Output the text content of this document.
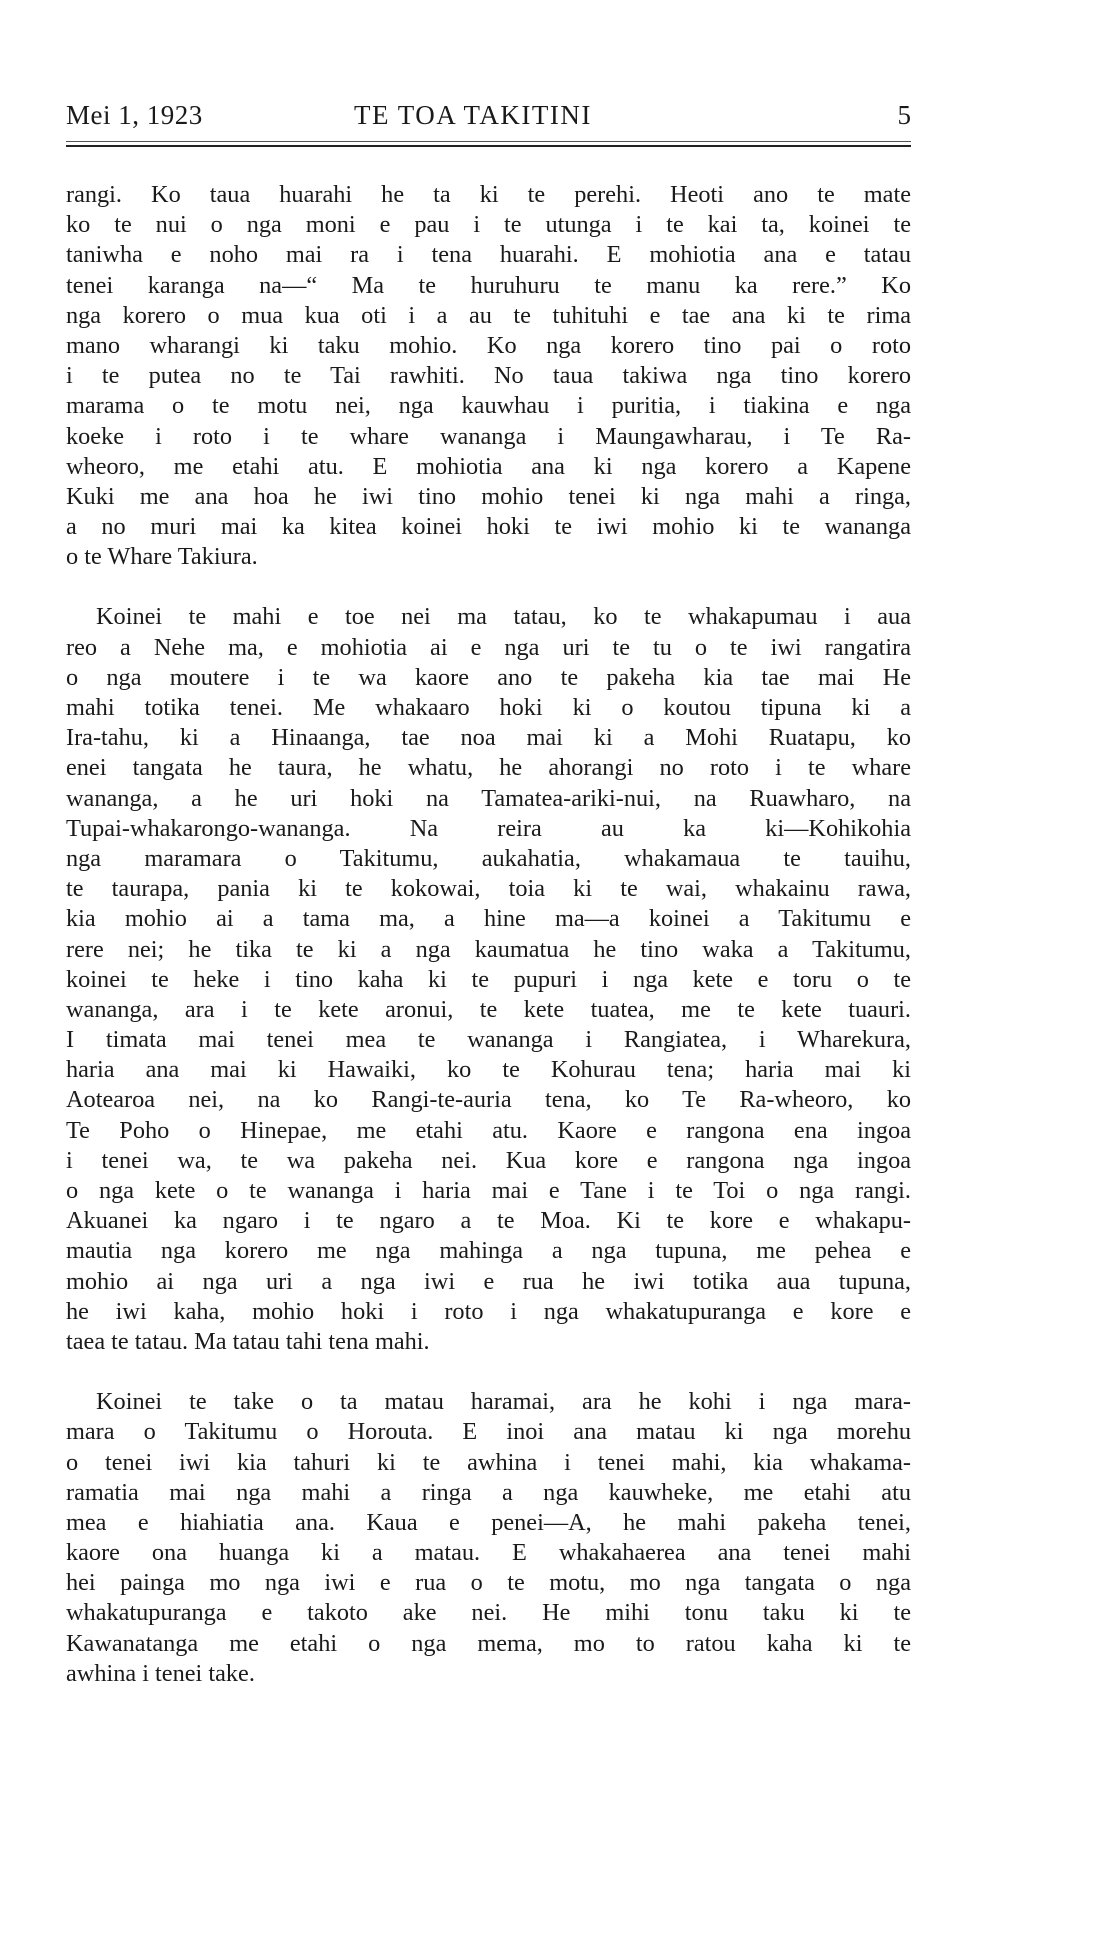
Mei 1, 1923	TE TOA TAKITINI	5
rangi. Ko taua huarahi he ta ki te perehi. Heoti ano te mate
ko te nui o nga moni e pau i te utunga i te kai ta, koinei te
taniwha e noho mai ra i tena huarahi. E mohiotia ana e tatau
tenei karanga na—“ Ma te huruhuru te manu ka rere.” Ko
nga korero o mua kua oti i a au te tuhituhi e tae ana ki te rima
mano wharangi ki taku mohio. Ko nga korero tino pai o roto
i te putea no te Tai rawhiti. No taua takiwa nga tino korero
marama o te motu nei, nga kauwhau i puritia, i tiakina e nga
koeke i roto i te whare wananga i Maungawharau, i Te Ra-
wheoro, me etahi atu. E mohiotia ana ki nga korero a Kapene
Kuki me ana hoa he iwi tino mohio tenei ki nga mahi a ringa,
a no muri mai ka kitea koinei hoki te iwi mohio ki te wananga
o te Whare Takiura.
Koinei te mahi e toe nei ma tatau, ko te whakapumau i aua
reo a Nehe ma, e mohiotia ai e nga uri te tu o te iwi rangatira
o nga moutere i te wa kaore ano te pakeha kia tae mai He
mahi totika tenei. Me whakaaro hoki ki o koutou tipuna ki a
Ira-tahu, ki a Hinaanga, tae noa mai ki a Mohi Ruatapu, ko
enei tangata he taura, he whatu, he ahorangi no roto i te whare
wananga, a he uri hoki na Tamatea-ariki-nui, na Ruawharo, na
Tupai-whakarongo-wananga. Na reira au ka ki—Kohikohia
nga maramara o Takitumu, aukahatia, whakamaua te tauihu,
te taurapa, pania ki te kokowai, toia ki te wai, whakainu rawa,
kia mohio ai a tama ma, a hine ma—a koinei a Takitumu e
rere nei; he tika te ki a nga kaumatua he tino waka a Takitumu,
koinei te heke i tino kaha ki te pupuri i nga kete e toru o te
wananga, ara i te kete aronui, te kete tuatea, me te kete tuauri.
I timata mai tenei mea te wananga i Rangiatea, i Wharekura,
haria ana mai ki Hawaiki, ko te Kohurau tena; haria mai ki
Aotearoa nei, na ko Rangi-te-auria tena, ko Te Ra-wheoro, ko
Te Poho o Hinepae, me etahi atu. Kaore e rangona ena ingoa
i tenei wa, te wa pakeha nei. Kua kore e rangona nga ingoa
o nga kete o te wananga i haria mai e Tane i te Toi o nga rangi.
Akuanei ka ngaro i te ngaro a te Moa. Ki te kore e whakapu-
mautia nga korero me nga mahinga a nga tupuna, me pehea e
mohio ai nga uri a nga iwi e rua he iwi totika aua tupuna,
he iwi kaha, mohio hoki i roto i nga whakatupuranga e kore e
taea te tatau. Ma tatau tahi tena mahi.
Koinei te take o ta matau haramai, ara he kohi i nga mara-
mara o Takitumu o Horouta. E inoi ana matau ki nga morehu
o tenei iwi kia tahuri ki te awhina i tenei mahi, kia whakama-
ramatia mai nga mahi a ringa a nga kauwheke, me etahi atu
mea e hiahiatia ana. Kaua e penei—A, he mahi pakeha tenei,
kaore ona huanga ki a matau. E whakahaerea ana tenei mahi
hei painga mo nga iwi e rua o te motu, mo nga tangata o nga
whakatupuranga e takoto ake nei. He mihi tonu taku ki te
Kawanatanga me etahi o nga mema, mo to ratou kaha ki te
awhina i tenei take.
